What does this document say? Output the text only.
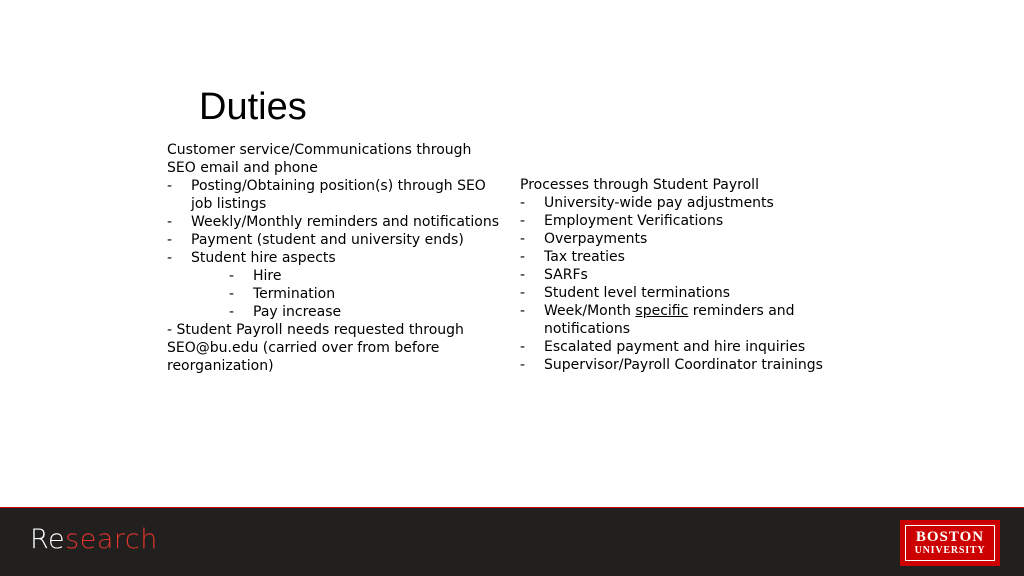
Duties
Customer service/Communications through SEO email and phone
-	Posting/Obtaining position(s) through SEO job listings
-	Weekly/Monthly reminders and notifications
-	Payment (student and university ends)
-	Student hire aspects
-	Hire
-	Termination
-	Pay increase
- Student Payroll needs requested through SEO@bu.edu (carried over from before reorganization)
Processes through Student Payroll
-	University-wide pay adjustments
-	Employment Verifications
-	Overpayments
-	Tax treaties
-	SARFs
-	Student level terminations
-	Week/Month specific reminders and notifications
-	Escalated payment and hire inquiries
-	Supervisor/Payroll Coordinator trainings
Research	BOSTON
UNIVERSITY
